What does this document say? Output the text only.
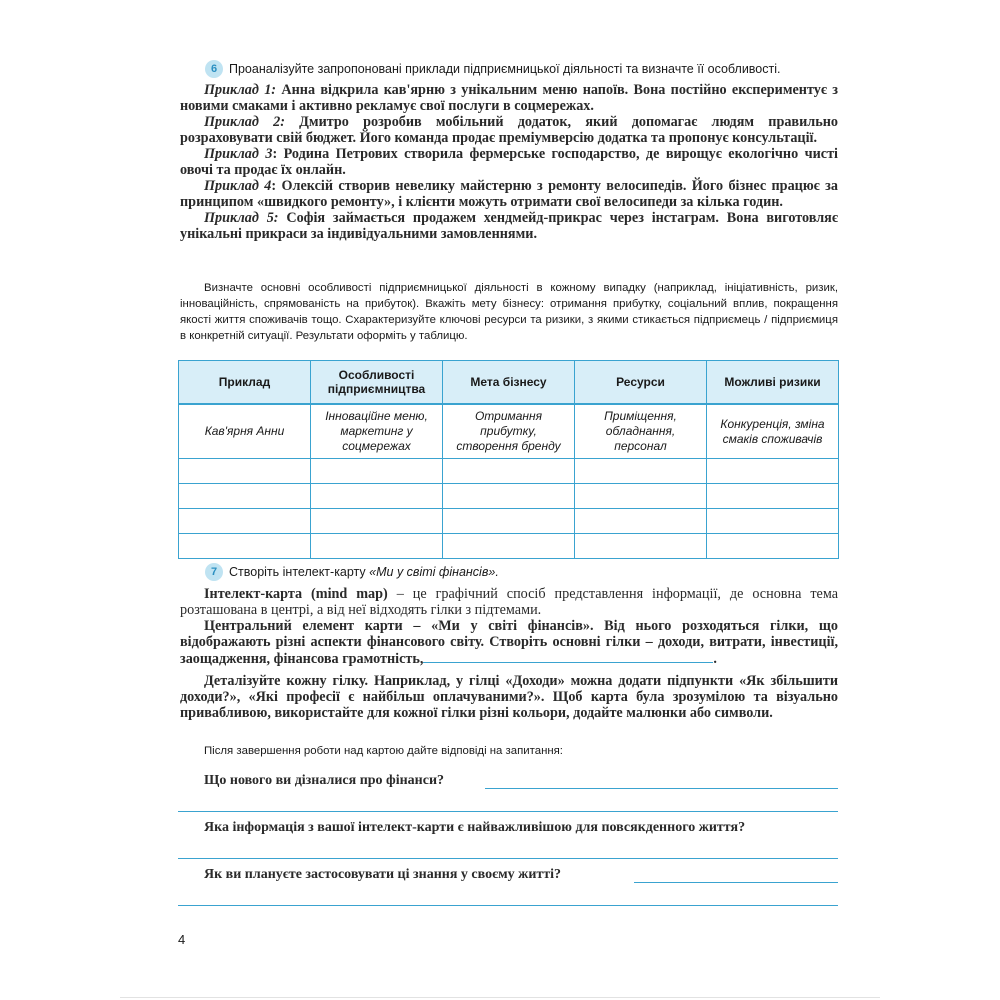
6 Проаналізуйте запропоновані приклади підприємницької діяльності та визначте її особливості.
Приклад 1: Анна відкрила кав'ярню з унікальним меню напоїв. Вона постійно експериментує з новими смаками і активно рекламує свої послуги в соцмережах.
Приклад 2: Дмитро розробив мобільний додаток, який допомагає людям правильно розраховувати свій бюджет. Його команда продає преміумверсію додатка та пропонує консультації.
Приклад 3: Родина Петрових створила фермерське господарство, де вирощує екологічно чисті овочі та продає їх онлайн.
Приклад 4: Олексій створив невелику майстерню з ремонту велосипедів. Його бізнес працює за принципом «швидкого ремонту», і клієнти можуть отримати свої велосипеди за кілька годин.
Приклад 5: Софія займається продажем хендмейд-прикрас через інстаграм. Вона виготовляє унікальні прикраси за індивідуальними замовленнями.
Визначте основні особливості підприємницької діяльності в кожному випадку (наприклад, ініціативність, ризик, інноваційність, спрямованість на прибуток). Вкажіть мету бізнесу: отримання прибутку, соціальний вплив, покращення якості життя споживачів тощо. Схарактеризуйте ключові ресурси та ризики, з якими стикається підприємець / підприємиця в конкретній ситуації. Результати оформіть у таблицю.
Приклад	Особливості підприємництва	Мета бізнесу	Ресурси	Можливі ризики
Кав'ярня Анни	Інноваційне меню, маркетинг у соцмережах	Отримання прибутку, створення бренду	Приміщення, обладнання, персонал	Конкуренція, зміна смаків споживачів

7 Створіть інтелект-карту «Ми у світі фінансів».
Інтелект-карта (mind map) – це графічний спосіб представлення інформації, де основна тема розташована в центрі, а від неї відходять гілки з підтемами.
Центральний елемент карти – «Ми у світі фінансів». Від нього розходяться гілки, що відображають різні аспекти фінансового світу. Створіть основні гілки – доходи, витрати, інвестиції, заощадження, фінансова грамотність,	.
Деталізуйте кожну гілку. Наприклад, у гілці «Доходи» можна додати підпункти «Як збільшити доходи?», «Які професії є найбільш оплачуваними?». Щоб карта була зрозумілою та візуально привабливою, використайте для кожної гілки різні кольори, додайте малюнки або символи.
Після завершення роботи над картою дайте відповіді на запитання:
Що нового ви дізналися про фінанси?
Яка інформація з вашої інтелект-карти є найважливішою для повсякденного життя?
Як ви плануєте застосовувати ці знання у своєму житті?
4
